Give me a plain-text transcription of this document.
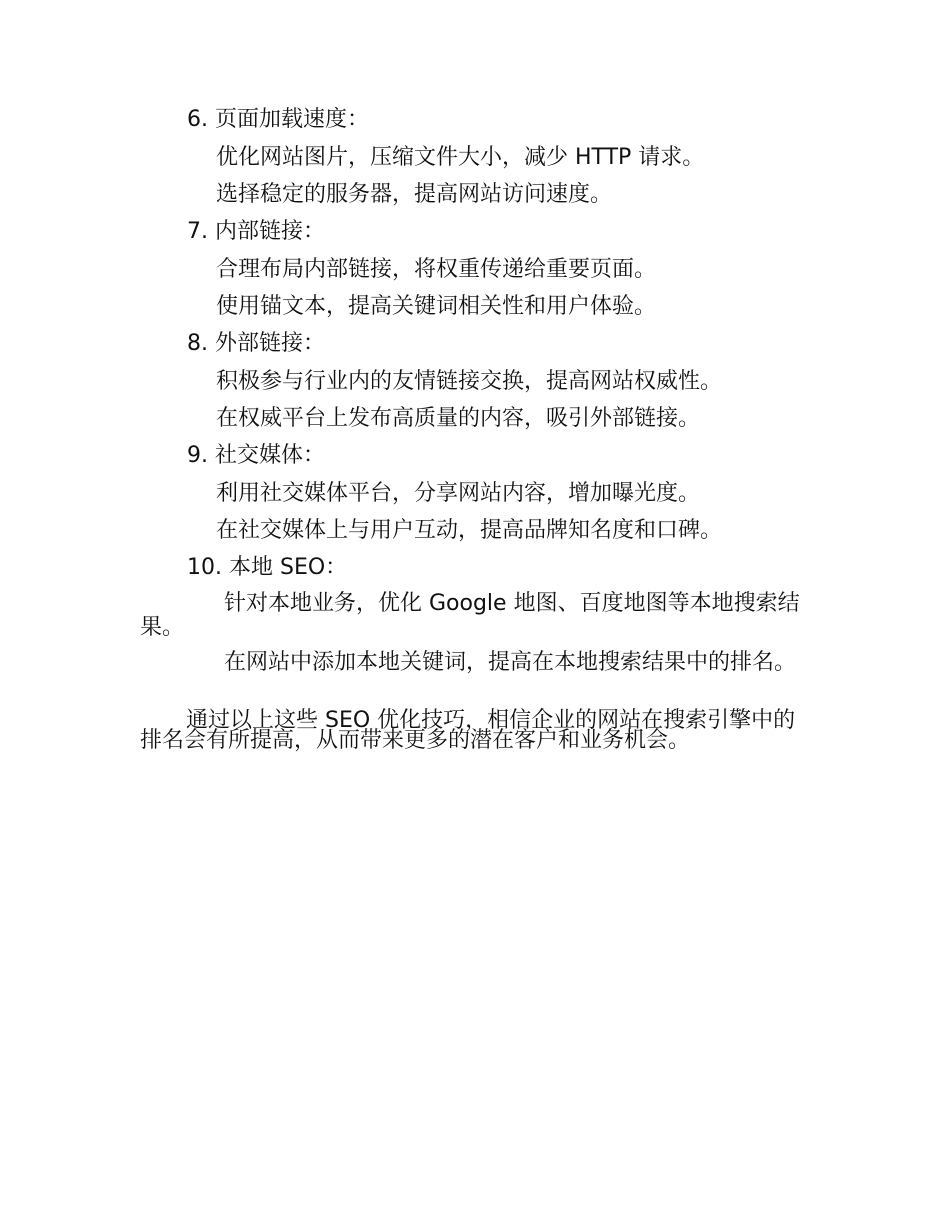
6. 页面加载速度：
优化网站图片，压缩文件大小，减少 HTTP 请求。
选择稳定的服务器，提高网站访问速度。
7. 内部链接：
合理布局内部链接，将权重传递给重要页面。
使用锚文本，提高关键词相关性和用户体验。
8. 外部链接：
积极参与行业内的友情链接交换，提高网站权威性。
在权威平台上发布高质量的内容，吸引外部链接。
9. 社交媒体：
利用社交媒体平台，分享网站内容，增加曝光度。
在社交媒体上与用户互动，提高品牌知名度和口碑。
10. 本地 SEO：
针对本地业务，优化 Google 地图、百度地图等本地搜索结果。
在网站中添加本地关键词，提高在本地搜索结果中的排名。
通过以上这些 SEO 优化技巧，相信企业的网站在搜索引擎中的排名会有所提高，从而带来更多的潜在客户和业务机会。
